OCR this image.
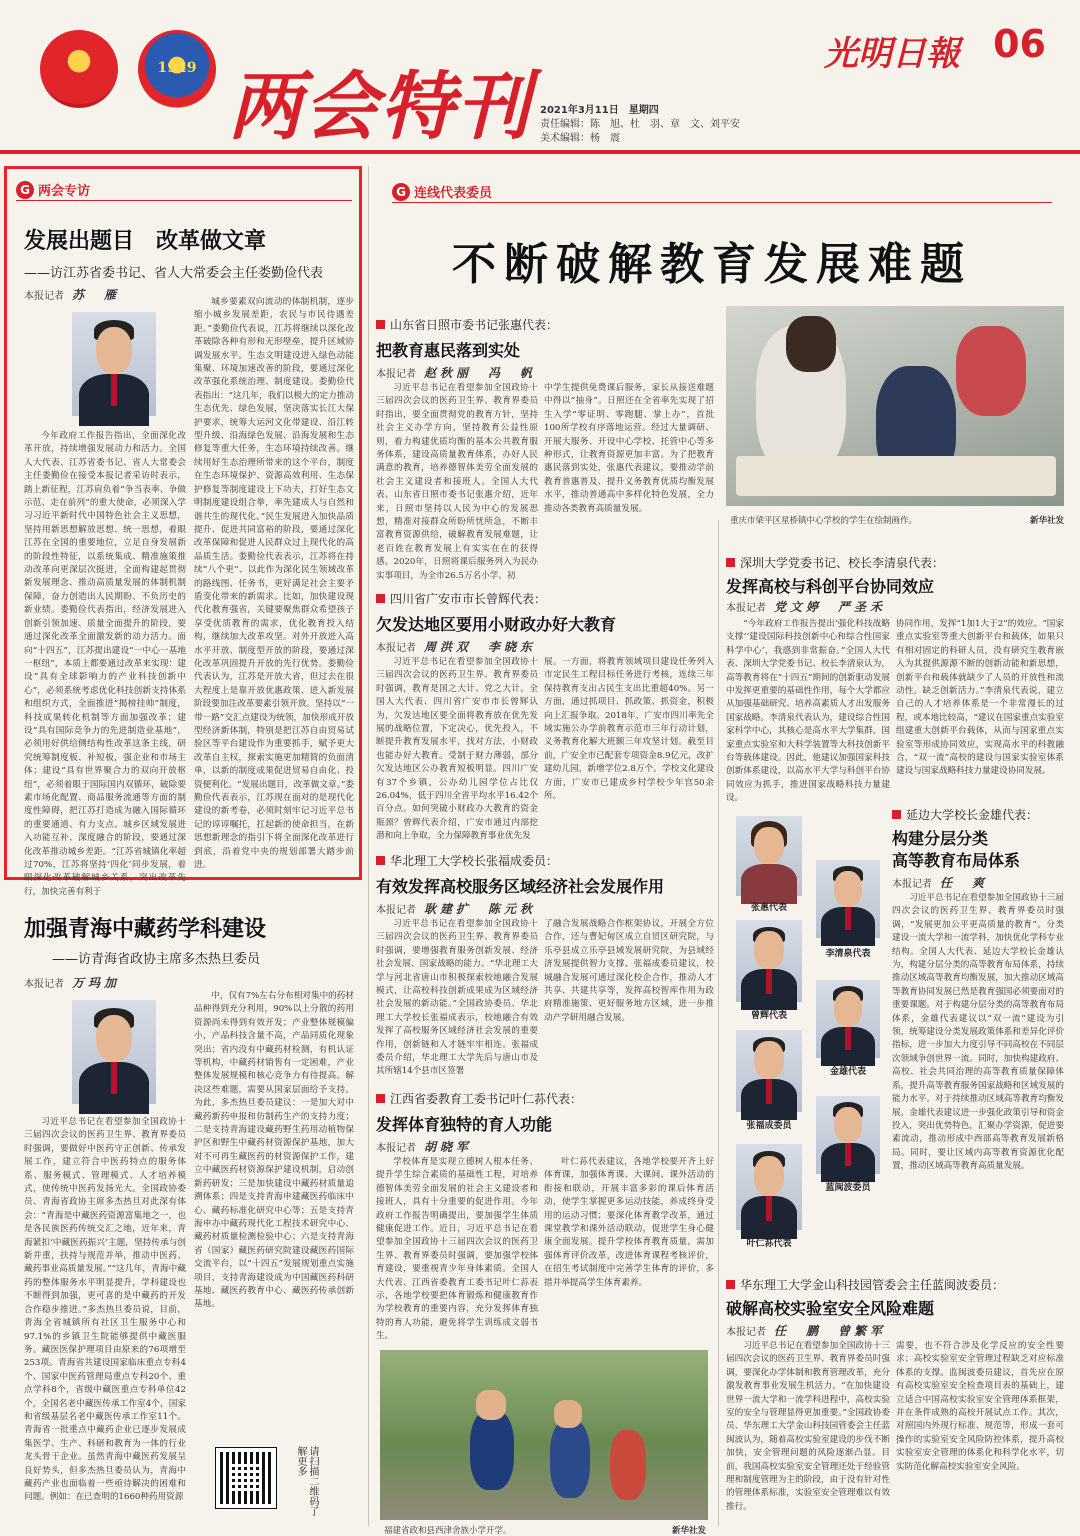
1949 两会特刊
光明日報 06
2021年3月11日　星期四
责任编辑：陈　旭、杜　羽、章　文、刘平安
美术编辑：杨　震
G 两会专访
发展出题目　改革做文章
——访江苏省委书记、省人大常委会主任娄勤俭代表
本报记者 苏　雁
今年政府工作报告指出，全面深化改革开放，持续增强发展动力和活力。全国人大代表、江苏省委书记、省人大常委会主任娄勤俭在接受本报记者采访时表示，踏上新征程，江苏肩负着“争当表率、争做示范、走在前列”的重大使命，必须深入学习习近平新时代中国特色社会主义思想，坚持用新思想解放思想、统一思想，着眼江苏在全国的重要地位，立足自身发展新的阶段性特征，以系统集成、精准施策推动改革向更深层次挺进，全面构建起贯彻新发展理念、推动高质量发展的体制机制保障，奋力创造出人民期盼、不负历史的新业绩。娄勤俭代表指出，经济发展进入创新引领加速、质量全面提升的阶段，要通过深化改革全面激发新的动力活力。面向“十四五”，江苏提出建设“一中心一基地一枢纽”，本质上都要通过改革来实现：建设“具有全球影响力的产业科技创新中心”，必须系统考虑优化科技创新支持体系和组织方式，全面推进“揭榜挂帅”制度，科技成果转化机制等方面加强改革；建设“具有国际竞争力的先进制造业基地”，必须用好供给侧结构性改革这条主线，研究统筹制度板、补短板，强企业和市场主体；建设“具有世界聚合力的双向开放枢纽”，必须着眼于国际国内双循环，破除要素市场化配置、商品服务流通等方面的制度性障碍，把江苏打造成为融入国际循环的重要通道、有力支点。城乡区域发展进入功能互补、深度融合的阶段，要通过深化改革推动城乡差距。“江苏省城镇化率超过70%，江苏将坚持‘四化’同步发展，着眼深化改革破解城乡关系，突出改革先行，加快完善有利于
城乡要素双向流动的体制机制，逐步缩小城乡发展差距，农民与市民待遇差距。”娄勤俭代表说，江苏将继续以深化改革破除各种有形和无形壁垒，提升区域协调发展水平。生态文明建设进入绿色动能集聚、环境加速改善的阶段，要通过深化改革强化系统治理、制度建设。娄勤俭代表指出：“这几年，我们以极大的定力推动生态优先、绿色发展，坚决落实长江大保护要求，统筹大运河文化带建设、沿江转型升级、沿海绿色发展、沿海发展和生态修复等重大任务，生态环境持续改善。继续用好生态治理所带来的这个平台，制度在生态环境保护、资源高效利用、生态保护修复等制度建设上下功夫，打好生态文明制度建设组合拳，率先建成人与自然和谐共生的现代化。”民生发展进入加快品质提升、促进共同富裕的阶段，要通过深化改革保障和促进人民群众过上现代化的高品质生活。娄勤俭代表表示，江苏将在持续“八个更”、以此作为深化民生领域改革的路线图、任务书，更好满足社会主要矛盾变化带来的新需求。比如，加快建设现代化教育强省，关键要聚焦群众希望孩子享受优质教育的需求，优化教育投入结构，继续加大改革攻坚。对外开放进入高水平开放、制度型开放的阶段，要通过深化改革巩固提升开放的先行优势。娄勤俭代表认为，江苏是开放大省，但过去在很大程度上是靠开放优惠政策、进入新发展阶段要加注改革要素引领开放。坚持以“一带一路”交汇点建设为统领，加快形成开放型经济新体制，特别是把江苏自由贸易试验区等平台建设作为重要抓手，赋予更大改革自主权，探索实施更加精简的负面清单，以新的制度成果促进贸易自由化、投资便利化。“发展出题目，改革做文章。”娄勤俭代表表示，江苏现在面对的是现代化建设的新考卷，必须时刻牢记习近平总书记的谆谆嘱托，扛起新的使命担当，在新思想新理念的指引下将全面深化改革进行到底，沿着党中央的规划部署大踏步前进。
加强青海中藏药学科建设
——访青海省政协主席多杰热旦委员
本报记者 万玛加
习近平总书记在看望参加全国政协十三届四次会议的医药卫生界、教育界委员时强调，要做好中医药守正创新、传承发展工作，建立符合中医药特点的服务体系、服务模式、管理模式、人才培养模式，使传统中医药发扬光大。全国政协委员、青海省政协主席多杰热旦对此深有体会：“青海是中藏医药资源富集地之一，也是各民族医药传统交汇之地，近年来，青海紧扣‘中藏医药振兴’主题，坚持传承与创新并重，扶持与规范并举，推动中医药、藏药事业高质量发展。”“这几年，青海中藏药的整体服务水平明显提升，学科建设也不断得到加强，更可喜的是中藏药的开发合作稳步推进。”多杰热旦委员说，目前，青海全省城镇所有社区卫生服务中心和97.1%的乡镇卫生院能够提供中藏医服务。藏医医保护理项目由原来的76项增至253项。青海省共建设国家临床重点专科4个、国家中医药管理局重点专科20个、重点学科8个，省级中藏医重点专科单位42个，全国名老中藏医传承工作室4个，国家和省级基层名老中藏医传承工作室11个。青海省一批重点中藏药企业已逐步发展成集医学、生产、科研和教育为一体的行业龙头骨干企业。虽然青海中藏医药发展呈良好势头，但多杰热旦委员认为，青海中藏药产业也面临着一些亟待解决的困难和问题。例如：在已查明的1660种药用资源
中，仅有7%左右分布相对集中的药材品种得到充分利用，90%以上分散的药用资源尚未得到有效开发；产业整体规模偏小，产品科技含量不高，产品同质化现象突出；省内没有中藏药材检测，有机认证等机构，中藏药材销售有一定困难，产业整体发展规模和核心竞争力有待提高。解决这些难题，需要从国家层面给予支持。为此，多杰热旦委员建议：一是加大对中藏药新药申报和仿制药生产的支持力度；二是支持青海建设藏药野生药用动植物保护区和野生中藏药材资源保护基地，加大对不可再生藏医药的材资源保护工作，建立中藏医药材资源保护建设机制，启动创新药研发；三是加快建设中藏药材质量追溯体系；四是支持青海申建藏医药临床中心、藏药标准化研究中心等；五是支持青海申办中藏药现代化工程技术研究中心、藏药材质量检测检验中心；六是支持青海省（国家）藏医药研究院建设藏医药国际交流平台，以“十四五”发展规划重点实施项目，支持青海建设成为中国藏医药科研基地、藏医药教育中心、藏医药传承创新基地。
请扫描二维码了解更多
G 连线代表委员
不断破解教育发展难题
重庆市梁平区星桥镇中心学校的学生在绘制画作。	新华社发
山东省日照市委书记张惠代表：
把教育惠民落到实处
本报记者 赵秋丽　冯　帆
习近平总书记在看望参加全国政协十三届四次会议的医药卫生界、教育界委员时指出，要全面贯彻党的教育方针，坚持社会主义办学方向，坚持教育公益性原则，着力构建优质均衡的基本公共教育服务体系，建设高质量教育体系，办好人民满意的教育，培养德智体美劳全面发展的社会主义建设者和接班人。全国人大代表、山东省日照市委书记张惠介绍，近年来，日照市坚持以人民为中心的发展思想，精准对接群众所盼所忧所急，不断丰富教育资源供给，破解教育发展难题，让老百姓在教育发展上有实实在在的获得感。2020年，日照将课后服务列入为民办实事项目，为全市26.5万名小学、初
中学生提供免费课后服务，家长从接送难题中得以“抽身”。日照还在全省率先实现了招生入学“零证明、零跑腿、掌上办”，首批100所学校有序落地运营。经过大量调研、开展大服务、开设中心学校、托管中心等多种形式，让教育资源更加丰富。为了把教育惠民落到实处，张惠代表建议，要推动学前教育普惠普及、提升义务教育优质均衡发展水平，推动普通高中多样化特色发展，全力推动各类教育高质量发展。
四川省广安市市长曾辉代表：
欠发达地区要用小财政办好大教育
本报记者 周洪双　李晓东
习近平总书记在看望参加全国政协十三届四次会议的医药卫生界、教育界委员时强调，教育是国之大计、党之大计。全国人大代表、四川省广安市市长曾辉认为，欠发达地区要全面将教育放在优先发展的战略位置，下定决心，优先投入，不断提升教育发展水平，找对方法，小财政也能办好大教育。受制于财力薄弱，部分欠发达地区公办教育短板明显。四川广安有37个乡镇，公办幼儿园学位占比仅26.04%，低于四川全省平均水平16.42个百分点。如何突破小财政办大教育的资金瓶颈？曾辉代表介绍，广安市通过内部挖潜和向上争取，全力保障教育事业优先发
展。一方面，将教育领域项目建设任务列入市定民生工程目标任务进行考核，连续三年保持教育支出占民生支出比重超40%。另一方面，通过抓项目、抓政策、抓资金，积极向上汇报争取。2018年，广安市四川率先全域实施公办学前教育示范市三年行动计划，义务教育化解大班额三年攻坚计划。截至目前，广安全市已配套专项资金8.9亿元，改扩建幼儿园，新增学位2.8万个。学校文化建设方面，广安市已建成乡村学校少年宫50余所。
华北理工大学校长张福成委员：
有效发挥高校服务区域经济社会发展作用
本报记者 耿建扩　陈元秋
习近平总书记在看望参加全国政协十三届四次会议的医药卫生界、教育界委员时强调，要增强教育服务创新发展、经济社会发展、国家战略的能力。“华北理工大学与河北省唐山市积极探索校地融合发展模式，让高校科技创新成果成为区域经济社会发展的新动能。”全国政协委员、华北理工大学校长张福成表示，校地融合有效发挥了高校服务区域经济社会发展的重要作用，创新链和人才链牢牢相连。张福成委员介绍，华北理工大学先后与唐山市及其所辖14个县市区签署
了融合发展战略合作框架协议，开展全方位合作，还与曹妃甸区成立自贸区研究院，与乐亭县成立乐亭县域发展研究院，为县域经济发展提供智力支撑。张福成委员建议，校城融合发展可通过深化校企合作，推动人才共享、共建共享等，发挥高校智库作用为政府精准施策、更好服务地方区域，进一步推动产学研用融合发展。
江西省委教育工委书记叶仁荪代表：
发挥体育独特的育人功能
本报记者 胡晓军
学校体育是实现立德树人根本任务、提升学生综合素质的基础性工程，对培养德智体美劳全面发展的社会主义建设者和接班人，具有十分重要的促进作用。今年政府工作报告明确提出，要加强学生体质健康促进工作。近日，习近平总书记在看望参加全国政协十三届四次会议的医药卫生界、教育界委员时强调，要加强学校体育建设，要重视青少年身体素质。全国人大代表、江西省委教育工委书记叶仁荪表示，各地学校要把体育锻炼和健康教育作为学校教育的重要内容，充分发挥体育独特的育人功能，避免将学生训练成文弱书生。
叶仁荪代表建议，各地学校要开齐上好体育课，加强体育课、大课间、课外活动的衔接和联动，开展丰富多彩的课后体育活动，使学生掌握更多运动技能，养成终身受用的运动习惯；要深化体育教学改革，通过课堂教学和课外活动联动，促进学生身心健康全面发展。提升学校体育教育质量，需加强体育评价改革，改进体育课程考核评价，在招生考试制度中完善学生体育的评价，多措并举提高学生体育素养。
福建省政和县西津舍族小学开学。	新华社发
深圳大学党委书记、校长李清泉代表：
发挥高校与科创平台协同效应
本报记者 党文婷　严圣禾
“今年政府工作报告提出‘强化科技战略支撑’‘建设国际科技创新中心和综合性国家科学中心’，我感到非常振奋。”全国人大代表、深圳大学党委书记、校长李清泉认为，高等教育将在“十四五”期间的创新驱动发展中发挥更重要的基础性作用，每个大学都应从加强基础研究、培养高素质人才出发服务国家战略。李清泉代表认为，建设综合性国家科学中心，其核心是高水平大学集群，国家重点实验室和大科学装置等大科技创新平台等载体建设。因此，他建议加强国家科技创新体系建设，以高水平大学与科创平台协同效应为抓手，推进国家战略科技力量建设。
协同作用，发挥“1加1大于2”的效应。“国家重点实验室等重大创新平台和载体，如果只有相对固定的科研人员，没有研究生教育嵌入为其提供源源不断的创新动能和新思想，创新平台和载体就缺少了人员的开放性和流动性，缺乏创新活力。”李清泉代表说，建立自己的人才培养体系是一个非常漫长的过程，或本地比较高，“建议在国家重点实验室组建重大创新平台载体，从而与国家重点实验室等形成协同效应，实现高水平的科教融合，“双一流”高校的建设与国家实验室体系建设与国家战略科技力量建设协同发展。
张惠代表
李清泉代表
曾辉代表
金雄代表
张福成委员
蓝闽波委员
叶仁荪代表
延边大学校长金雄代表：
构建分层分类
高等教育布局体系
本报记者 任　爽
习近平总书记在看望参加全国政协十三届四次会议的医药卫生界、教育界委员时强调，“发展更加公平更高质量的教育”。分类建设一流大学和一流学科，加快优化学科专业结构。全国人大代表、延边大学校长金雄认为，构建分层分类的高等教育布局体系，持续推动区域高等教育均衡发展，加大推动区域高等教育协同发展已然是教育强国必须要面对的重要课题。对于构建分层分类的高等教育布局体系，金雄代表建议以“双一流”建设为引领，统筹建设分类发展政策体系和差异化评价指标，进一步加大力度引导不同高校在不同层次领域争创世界一流。同时，加快构建政府、高校、社会共同治理的高等教育质量保障体系，提升高等教育服务国家战略和区域发展的能力水平。对于持续推动区域高等教育均衡发展，金雄代表建议进一步强化政策引导和资金投入，突出优势特色，汇聚办学资源，促进要素流动，推动形成中西部高等教育发展新格局。同时，要让区域内高等教育资源优化配置，推动区域高等教育高质量发展。
华东理工大学金山科技园管委会主任蓝闽波委员：
破解高校实验室安全风险难题
本报记者 任　鹏　曾繁军
习近平总书记在看望参加全国政协十三届四次会议的医药卫生界、教育界委员时强调，要深化办学体制和教育管理改革，充分激发教育事业发展生机活力。“在加快建设世界一流大学和一流学科进程中，高校实验室的安全与管理显得更加重要。”全国政协委员、华东理工大学金山科技园管委会主任蓝闽波认为，随着高校实验室建设的步伐不断加快，安全管理问题的风险逐渐凸显。目前，我国高校实验室安全管理还处于经验管理和制度管理为主的阶段，由于没有针对性的管理体系标准，实验室安全管理难以有效推行。
需要，也不符合涉及化学反应的安全性要求；高校实验室安全管理过程缺乏对应标准体系的支撑。监闽波委员建议，首先应在原有高校实验室安全检查项目表的基础上，建立适合中国高校实验室安全管理体系框架，并在条件成熟的高校开展试点工作。其次，对照国内外现行标准、规范等，形成一套可操作的实验室安全风险防控体系，提升高校实验室安全管理的体系化和科学化水平，切实防范化解高校实验室安全风险。
